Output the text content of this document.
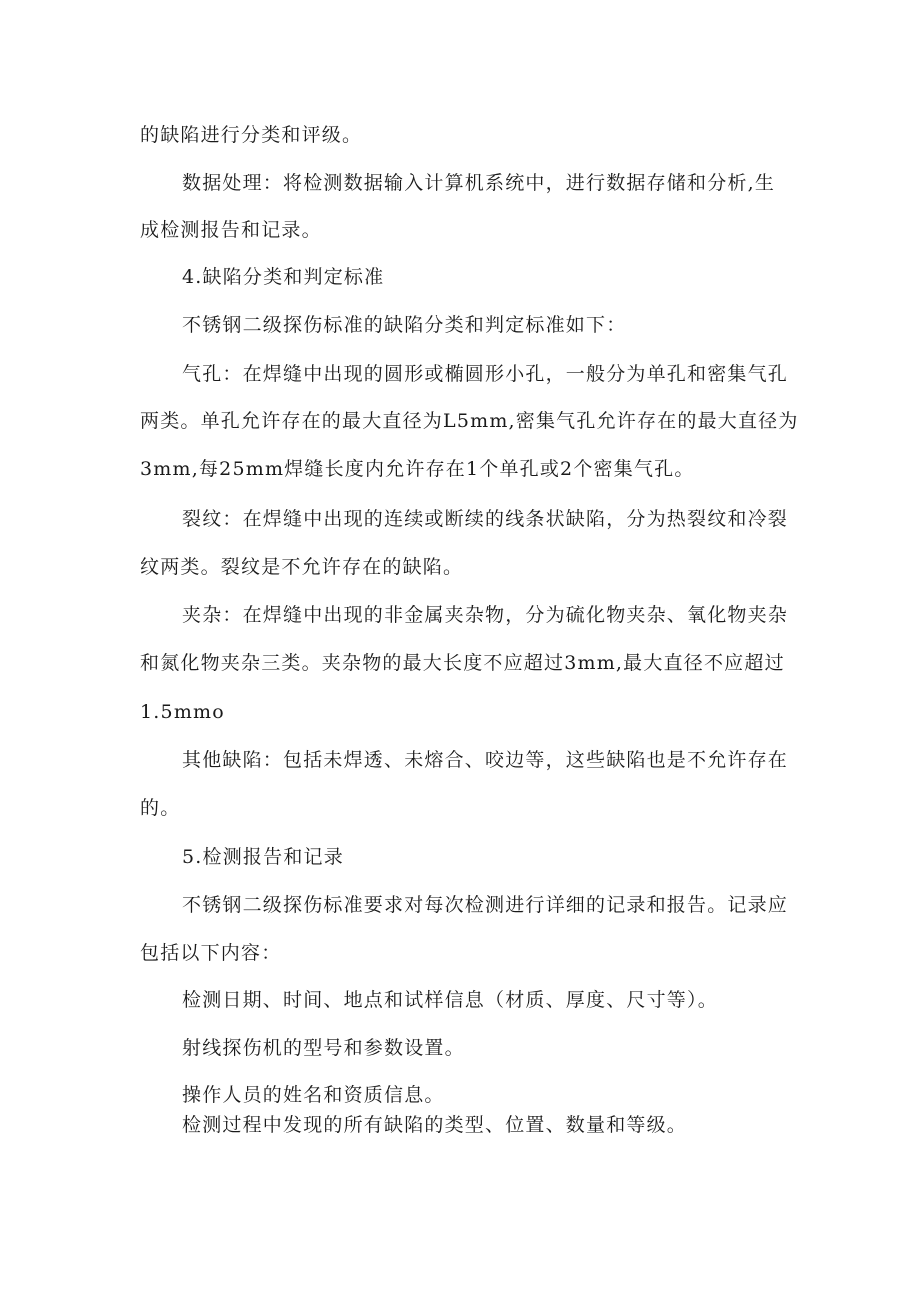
的缺陷进行分类和评级。
数据处理：将检测数据输入计算机系统中，进行数据存储和分析,生
成检测报告和记录。
4.缺陷分类和判定标准
不锈钢二级探伤标准的缺陷分类和判定标准如下：
气孔：在焊缝中出现的圆形或椭圆形小孔，一般分为单孔和密集气孔
两类。单孔允许存在的最大直径为L5mm,密集气孔允许存在的最大直径为
3mm,每25mm焊缝长度内允许存在1个单孔或2个密集气孔。
裂纹：在焊缝中出现的连续或断续的线条状缺陷，分为热裂纹和冷裂
纹两类。裂纹是不允许存在的缺陷。
夹杂：在焊缝中出现的非金属夹杂物，分为硫化物夹杂、氧化物夹杂
和氮化物夹杂三类。夹杂物的最大长度不应超过3mm,最大直径不应超过
1.5mmo
其他缺陷：包括未焊透、未熔合、咬边等，这些缺陷也是不允许存在
的。
5.检测报告和记录
不锈钢二级探伤标准要求对每次检测进行详细的记录和报告。记录应
包括以下内容：
检测日期、时间、地点和试样信息（材质、厚度、尺寸等）。
射线探伤机的型号和参数设置。
操作人员的姓名和资质信息。
检测过程中发现的所有缺陷的类型、位置、数量和等级。
